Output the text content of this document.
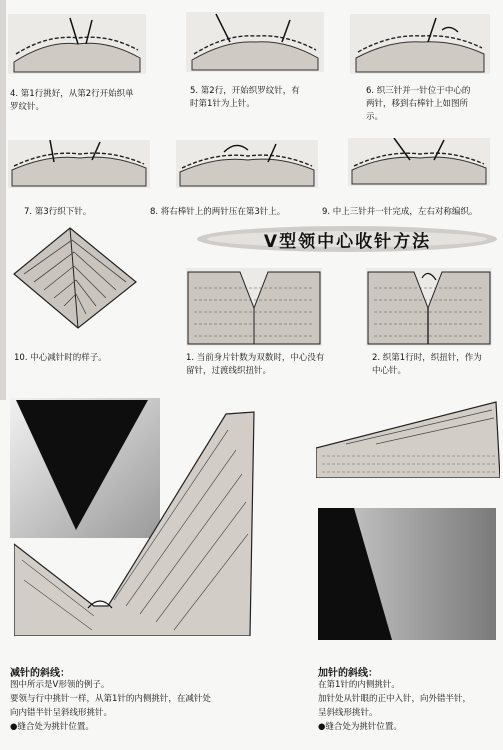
4. 第1行挑好，从第2行开始织单
罗纹针。
5. 第2行，开始织罗纹针，有
时第1针为上针。
6. 织三针并一针位于中心的
两针，移到右棒针上如图所
示。
7. 第3行织下针。	8. 将右棒针上的两针压在第3针上。	9. 中上三针并一针完成，左右对称编织。
10. 中心减针时的样子。
V型领中心收针方法
1. 当前身片针数为双数时，中心没有
留针，过渡线织扭针。
2. 织第1行时，织扭针，作为
中心针。
减针的斜线：
图中所示是V形领的例子。
要领与行中挑针一样，从第1针的内侧挑针，在减针处
向内错半针呈斜线形挑针。
●缝合处为挑针位置。
加针的斜线：
在第1针的内侧挑针。
加针处从针眼的正中入针，向外错半针，
呈斜线形挑针。
●缝合处为挑针位置。
